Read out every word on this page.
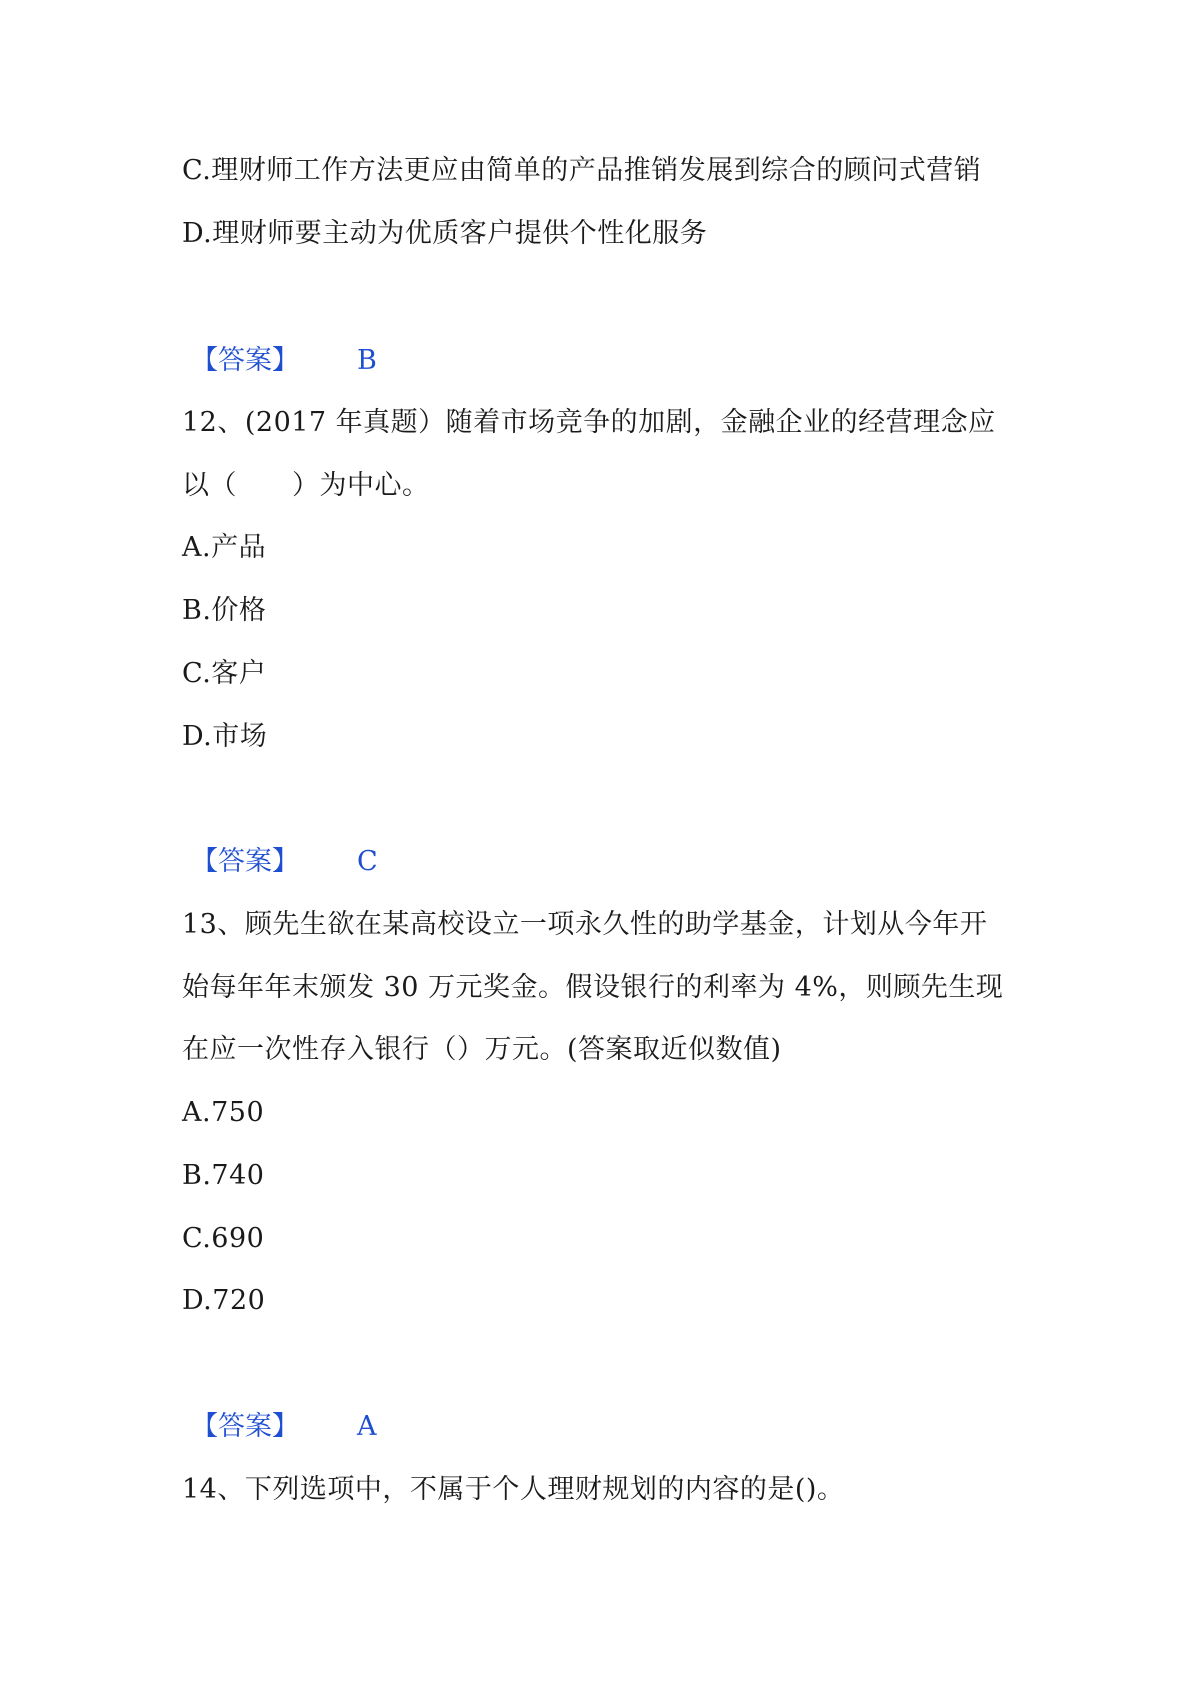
C.理财师工作方法更应由简单的产品推销发展到综合的顾问式营销
D.理财师要主动为优质客户提供个性化服务
【答案】 B
12、(2017 年真题）随着市场竞争的加剧，金融企业的经营理念应
以（　　）为中心。
A.产品
B.价格
C.客户
D.市场
【答案】 C
13、顾先生欲在某高校设立一项永久性的助学基金，计划从今年开
始每年年末颁发 30 万元奖金。假设银行的利率为 4%，则顾先生现
在应一次性存入银行（）万元。(答案取近似数值)
A.750
B.740
C.690
D.720
【答案】 A
14、下列选项中，不属于个人理财规划的内容的是()。
